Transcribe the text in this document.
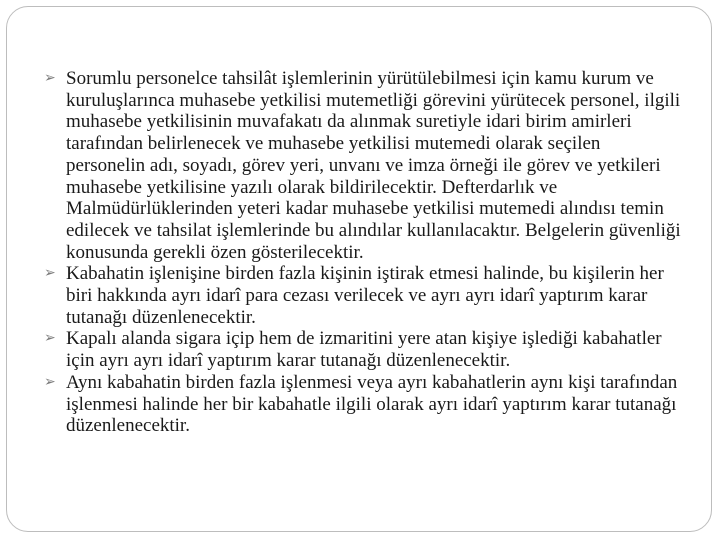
➢ Sorumlu personelce tahsilât işlemlerinin yürütülebilmesi için kamu kurum ve kuruluşlarınca muhasebe yetkilisi mutemetliği görevini yürütecek personel, ilgili muhasebe yetkilisinin muvafakatı da alınmak suretiyle idari birim amirleri tarafından belirlenecek ve muhasebe yetkilisi mutemedi olarak seçilen personelin adı, soyadı, görev yeri, unvanı ve imza örneği ile görev ve yetkileri muhasebe yetkilisine yazılı olarak bildirilecektir. Defterdarlık ve Malmüdürlüklerinden yeteri kadar muhasebe yetkilisi mutemedi alındısı temin edilecek ve tahsilat işlemlerinde bu alındılar kullanılacaktır. Belgelerin güvenliği konusunda gerekli özen gösterilecektir.
➢ Kabahatin işlenişine birden fazla kişinin iştirak etmesi halinde, bu kişilerin her biri hakkında ayrı idarî para cezası verilecek ve ayrı ayrı idarî yaptırım karar tutanağı düzenlenecektir.
➢ Kapalı alanda sigara içip hem de izmaritini yere atan kişiye işlediği kabahatler için ayrı ayrı idarî yaptırım karar tutanağı düzenlenecektir.
➢ Aynı kabahatin birden fazla işlenmesi veya ayrı kabahatlerin aynı kişi tarafından işlenmesi halinde her bir kabahatle ilgili olarak ayrı idarî yaptırım karar tutanağı düzenlenecektir.
